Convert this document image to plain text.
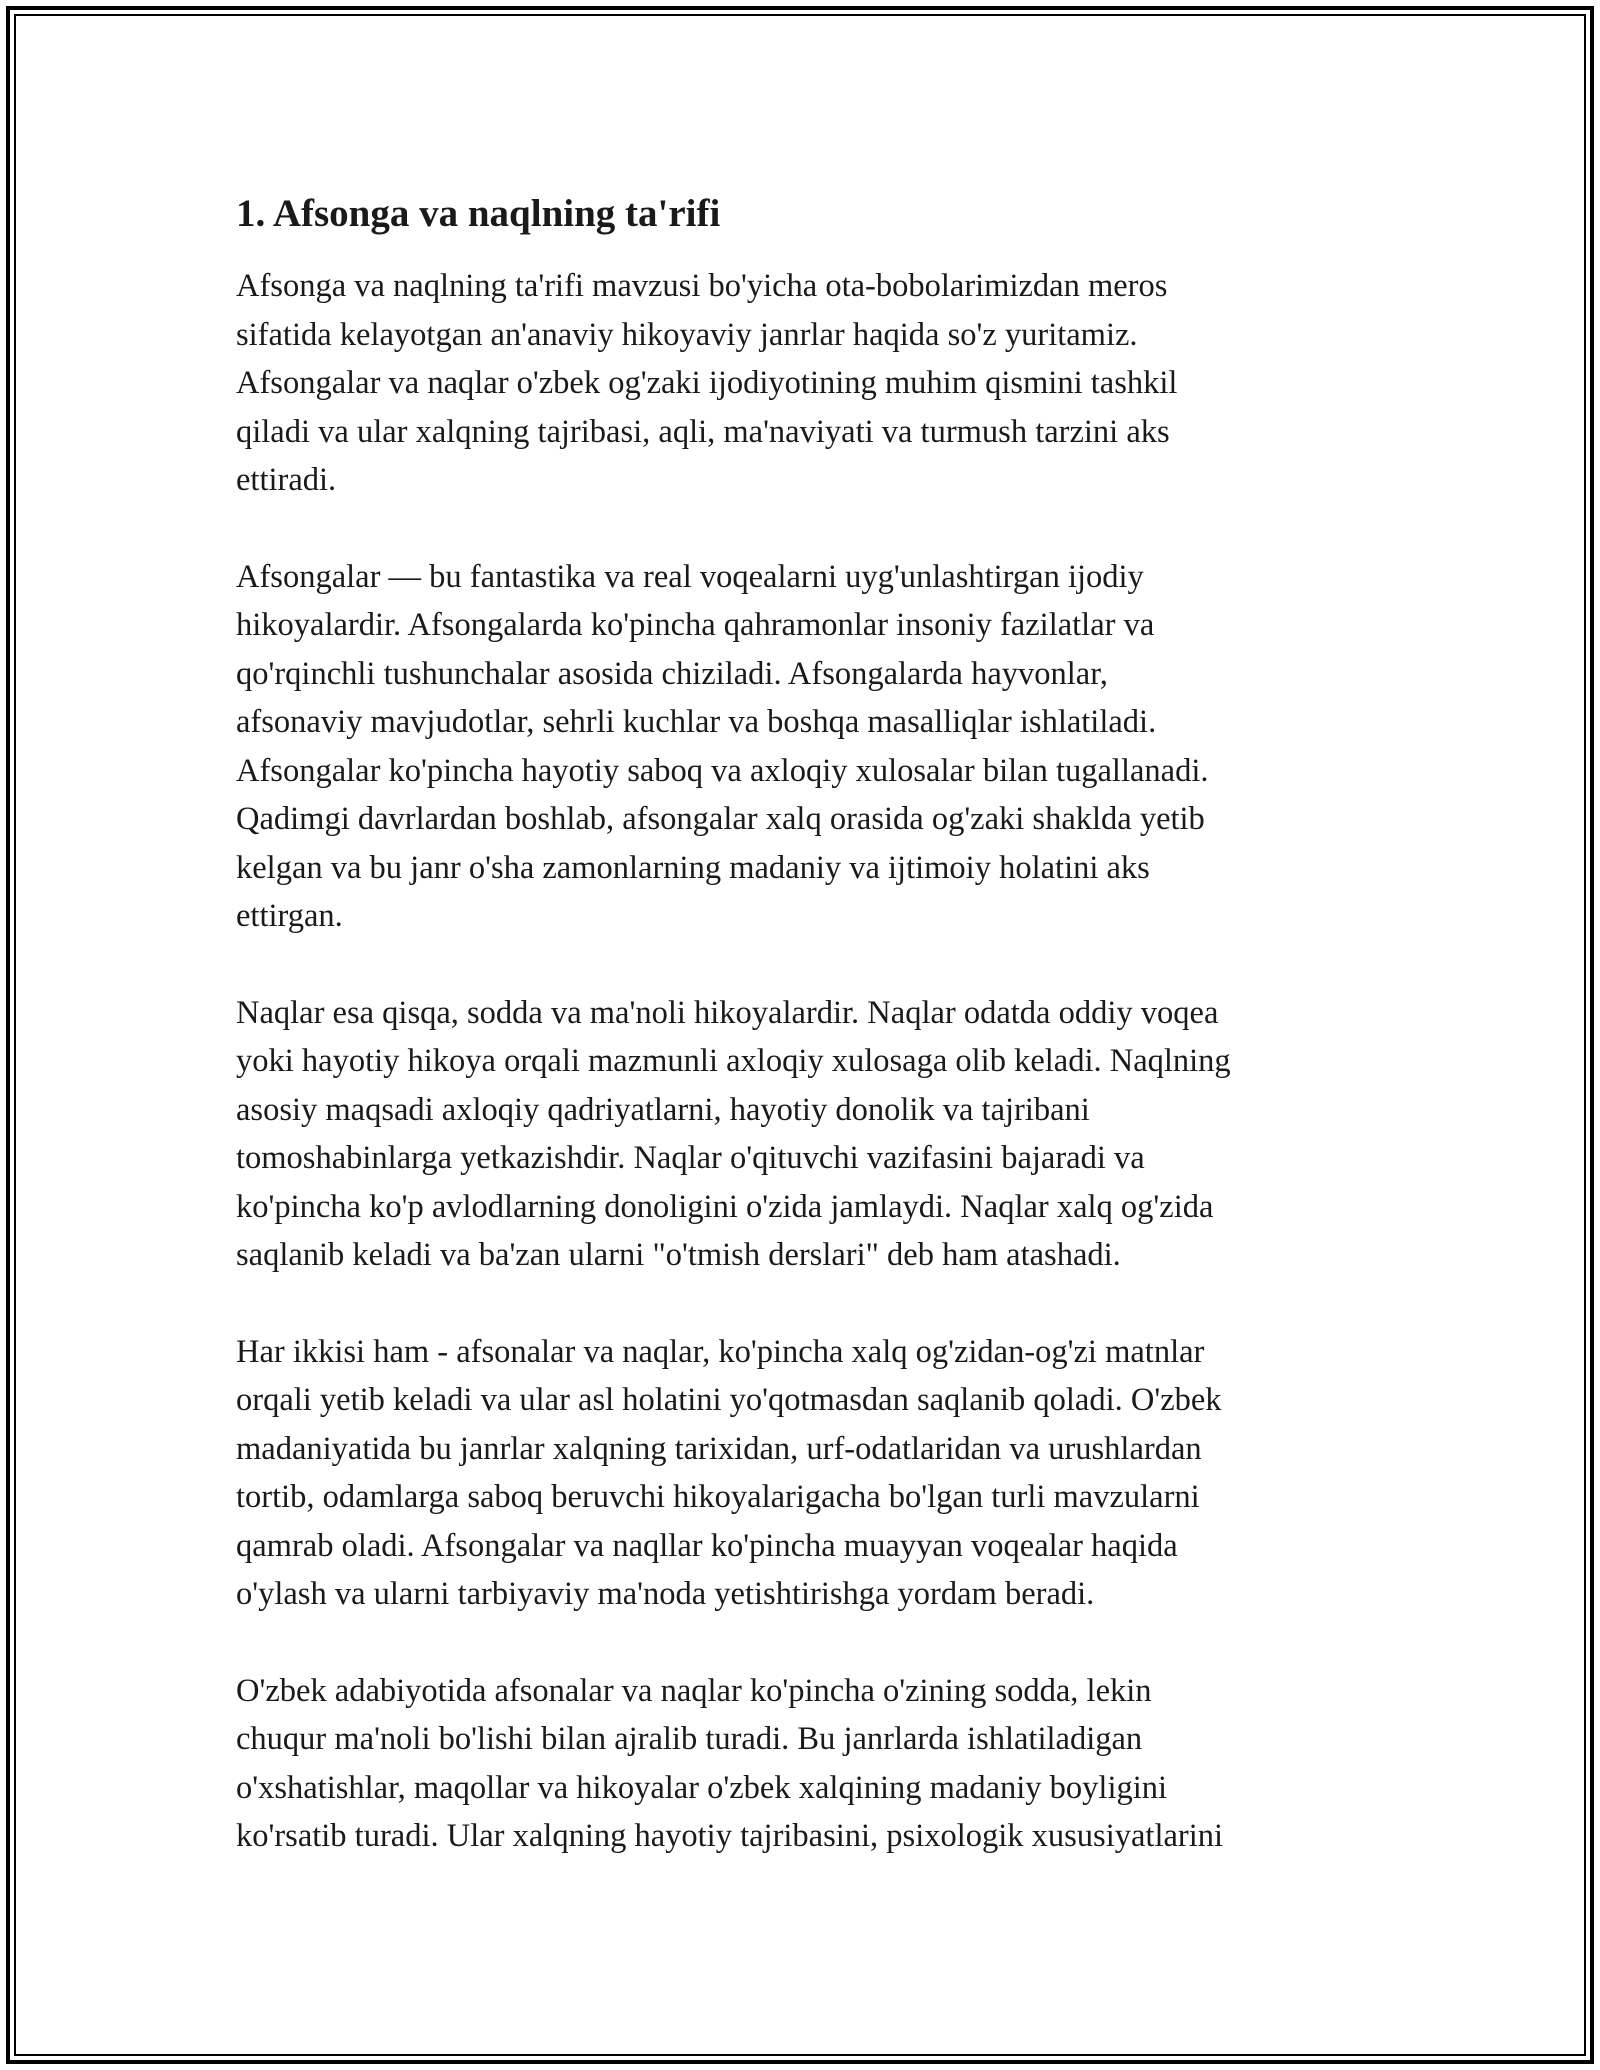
1. Afsonga va naqlning ta'rifi

Afsonga va naqlning ta'rifi mavzusi bo'yicha ota-bobolarimizdan meros
sifatida kelayotgan an'anaviy hikoyaviy janrlar haqida so'z yuritamiz.
Afsongalar va naqlar o'zbek og'zaki ijodiyotining muhim qismini tashkil
qiladi va ular xalqning tajribasi, aqli, ma'naviyati va turmush tarzini aks
ettiradi.

Afsongalar — bu fantastika va real voqealarni uyg'unlashtirgan ijodiy
hikoyalardir. Afsongalarda ko'pincha qahramonlar insoniy fazilatlar va
qo'rqinchli tushunchalar asosida chiziladi. Afsongalarda hayvonlar,
afsonaviy mavjudotlar, sehrli kuchlar va boshqa masalliqlar ishlatiladi.
Afsongalar ko'pincha hayotiy saboq va axloqiy xulosalar bilan tugallanadi.
Qadimgi davrlardan boshlab, afsongalar xalq orasida og'zaki shaklda yetib
kelgan va bu janr o'sha zamonlarning madaniy va ijtimoiy holatini aks
ettirgan.

Naqlar esa qisqa, sodda va ma'noli hikoyalardir. Naqlar odatda oddiy voqea
yoki hayotiy hikoya orqali mazmunli axloqiy xulosaga olib keladi. Naqlning
asosiy maqsadi axloqiy qadriyatlarni, hayotiy donolik va tajribani
tomoshabinlarga yetkazishdir. Naqlar o'qituvchi vazifasini bajaradi va
ko'pincha ko'p avlodlarning donoligini o'zida jamlaydi. Naqlar xalq og'zida
saqlanib keladi va ba'zan ularni "o'tmish derslari" deb ham atashadi.

Har ikkisi ham - afsonalar va naqlar, ko'pincha xalq og'zidan-og'zi matnlar
orqali yetib keladi va ular asl holatini yo'qotmasdan saqlanib qoladi. O'zbek
madaniyatida bu janrlar xalqning tarixidan, urf-odatlaridan va urushlardan
tortib, odamlarga saboq beruvchi hikoyalarigacha bo'lgan turli mavzularni
qamrab oladi. Afsongalar va naqllar ko'pincha muayyan voqealar haqida
o'ylash va ularni tarbiyaviy ma'noda yetishtirishga yordam beradi.

O'zbek adabiyotida afsonalar va naqlar ko'pincha o'zining sodda, lekin
chuqur ma'noli bo'lishi bilan ajralib turadi. Bu janrlarda ishlatiladigan
o'xshatishlar, maqollar va hikoyalar o'zbek xalqining madaniy boyligini
ko'rsatib turadi. Ular xalqning hayotiy tajribasini, psixologik xususiyatlarini
